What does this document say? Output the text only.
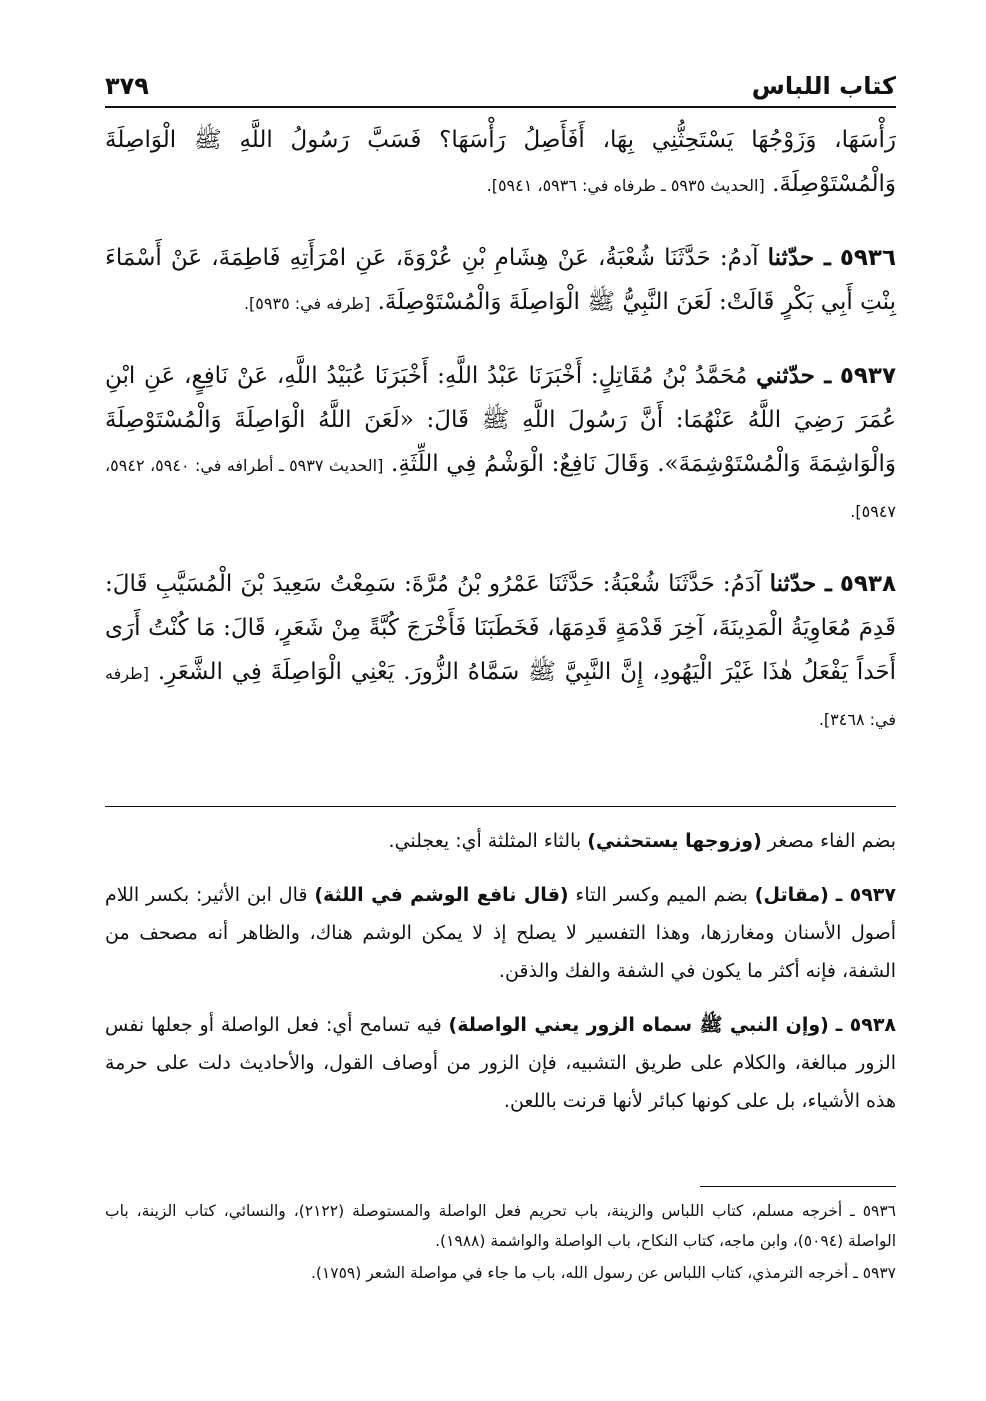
كتاب اللباس
٣٧٩

رَأْسَهَا، وَزَوْجُهَا يَسْتَحِثُّنِي بِهَا، أَفَأَصِلُ رَأْسَهَا؟ فَسَبَّ رَسُولُ اللَّهِ ﷺ الْوَاصِلَةَ وَالْمُسْتَوْصِلَةَ. [الحديث ٥٩٣٥ ـ طرفاه في: ٥٩٣٦، ٥٩٤١].

٥٩٣٦ ـ حدّثنا آدمُ: حَدَّثَنَا شُعْبَةُ، عَنْ هِشَامِ بْنِ عُرْوَةَ، عَنِ امْرَأَتِهِ فَاطِمَةَ، عَنْ أَسْمَاءَ بِنْتِ أَبِي بَكْرٍ قَالَتْ: لَعَنَ النَّبِيُّ ﷺ الْوَاصِلَةَ وَالْمُسْتَوْصِلَةَ. [طرفه في: ٥٩٣٥].

٥٩٣٧ ـ حدّثني مُحَمَّدُ بْنُ مُقَاتِلٍ: أَخْبَرَنَا عَبْدُ اللَّهِ: أَخْبَرَنَا عُبَيْدُ اللَّهِ، عَنْ نَافِعٍ، عَنِ ابْنِ عُمَرَ رَضِيَ اللَّهُ عَنْهُمَا: أَنَّ رَسُولَ اللَّهِ ﷺ قَالَ: «لَعَنَ اللَّهُ الْوَاصِلَةَ وَالْمُسْتَوْصِلَةَ وَالْوَاشِمَةَ وَالْمُسْتَوْشِمَةَ». وَقَالَ نَافِعٌ: الْوَشْمُ فِي اللِّثَةِ. [الحديث ٥٩٣٧ ـ أطرافه في: ٥٩٤٠، ٥٩٤٢، ٥٩٤٧].

٥٩٣٨ ـ حدّثنا آدَمُ: حَدَّثَنَا شُعْبَةُ: حَدَّثَنَا عَمْرُو بْنُ مُرَّةَ: سَمِعْتُ سَعِيدَ بْنَ الْمُسَيَّبِ قَالَ: قَدِمَ مُعَاوِيَةُ الْمَدِينَةَ، آخِرَ قَدْمَةٍ قَدِمَهَا، فَخَطَبَنَا فَأَخْرَجَ كُبَّةً مِنْ شَعَرٍ، قَالَ: مَا كُنْتُ أَرَى أَحَداً يَفْعَلُ هٰذَا غَيْرَ الْيَهُودِ، إِنَّ النَّبِيَّ ﷺ سَمَّاهُ الزُّورَ. يَعْنِي الْوَاصِلَةَ فِي الشَّعَرِ. [طرفه في: ٣٤٦٨].

بضم الفاء مصغر (وزوجها يستحثني) بالثاء المثلثة أي: يعجلني.

٥٩٣٧ ـ (مقاتل) بضم الميم وكسر التاء (قال نافع الوشم في اللثة) قال ابن الأثير: بكسر اللام أصول الأسنان ومغارزها، وهذا التفسير لا يصلح إذ لا يمكن الوشم هناك، والظاهر أنه مصحف من الشفة، فإنه أكثر ما يكون في الشفة والفك والذقن.

٥٩٣٨ ـ (وإن النبي ﷺ سماه الزور يعني الواصلة) فيه تسامح أي: فعل الواصلة أو جعلها نفس الزور مبالغة، والكلام على طريق التشبيه، فإن الزور من أوصاف القول، والأحاديث دلت على حرمة هذه الأشياء، بل على كونها كبائر لأنها قرنت باللعن.

٥٩٣٦ ـ أخرجه مسلم، كتاب اللباس والزينة، باب تحريم فعل الواصلة والمستوصلة (٢١٢٢)، والنسائي، كتاب الزينة، باب الواصلة (٥٠٩٤)، وابن ماجه، كتاب النكاح، باب الواصلة والواشمة (١٩٨٨).

٥٩٣٧ ـ أخرجه الترمذي، كتاب اللباس عن رسول الله، باب ما جاء في مواصلة الشعر (١٧٥٩).
